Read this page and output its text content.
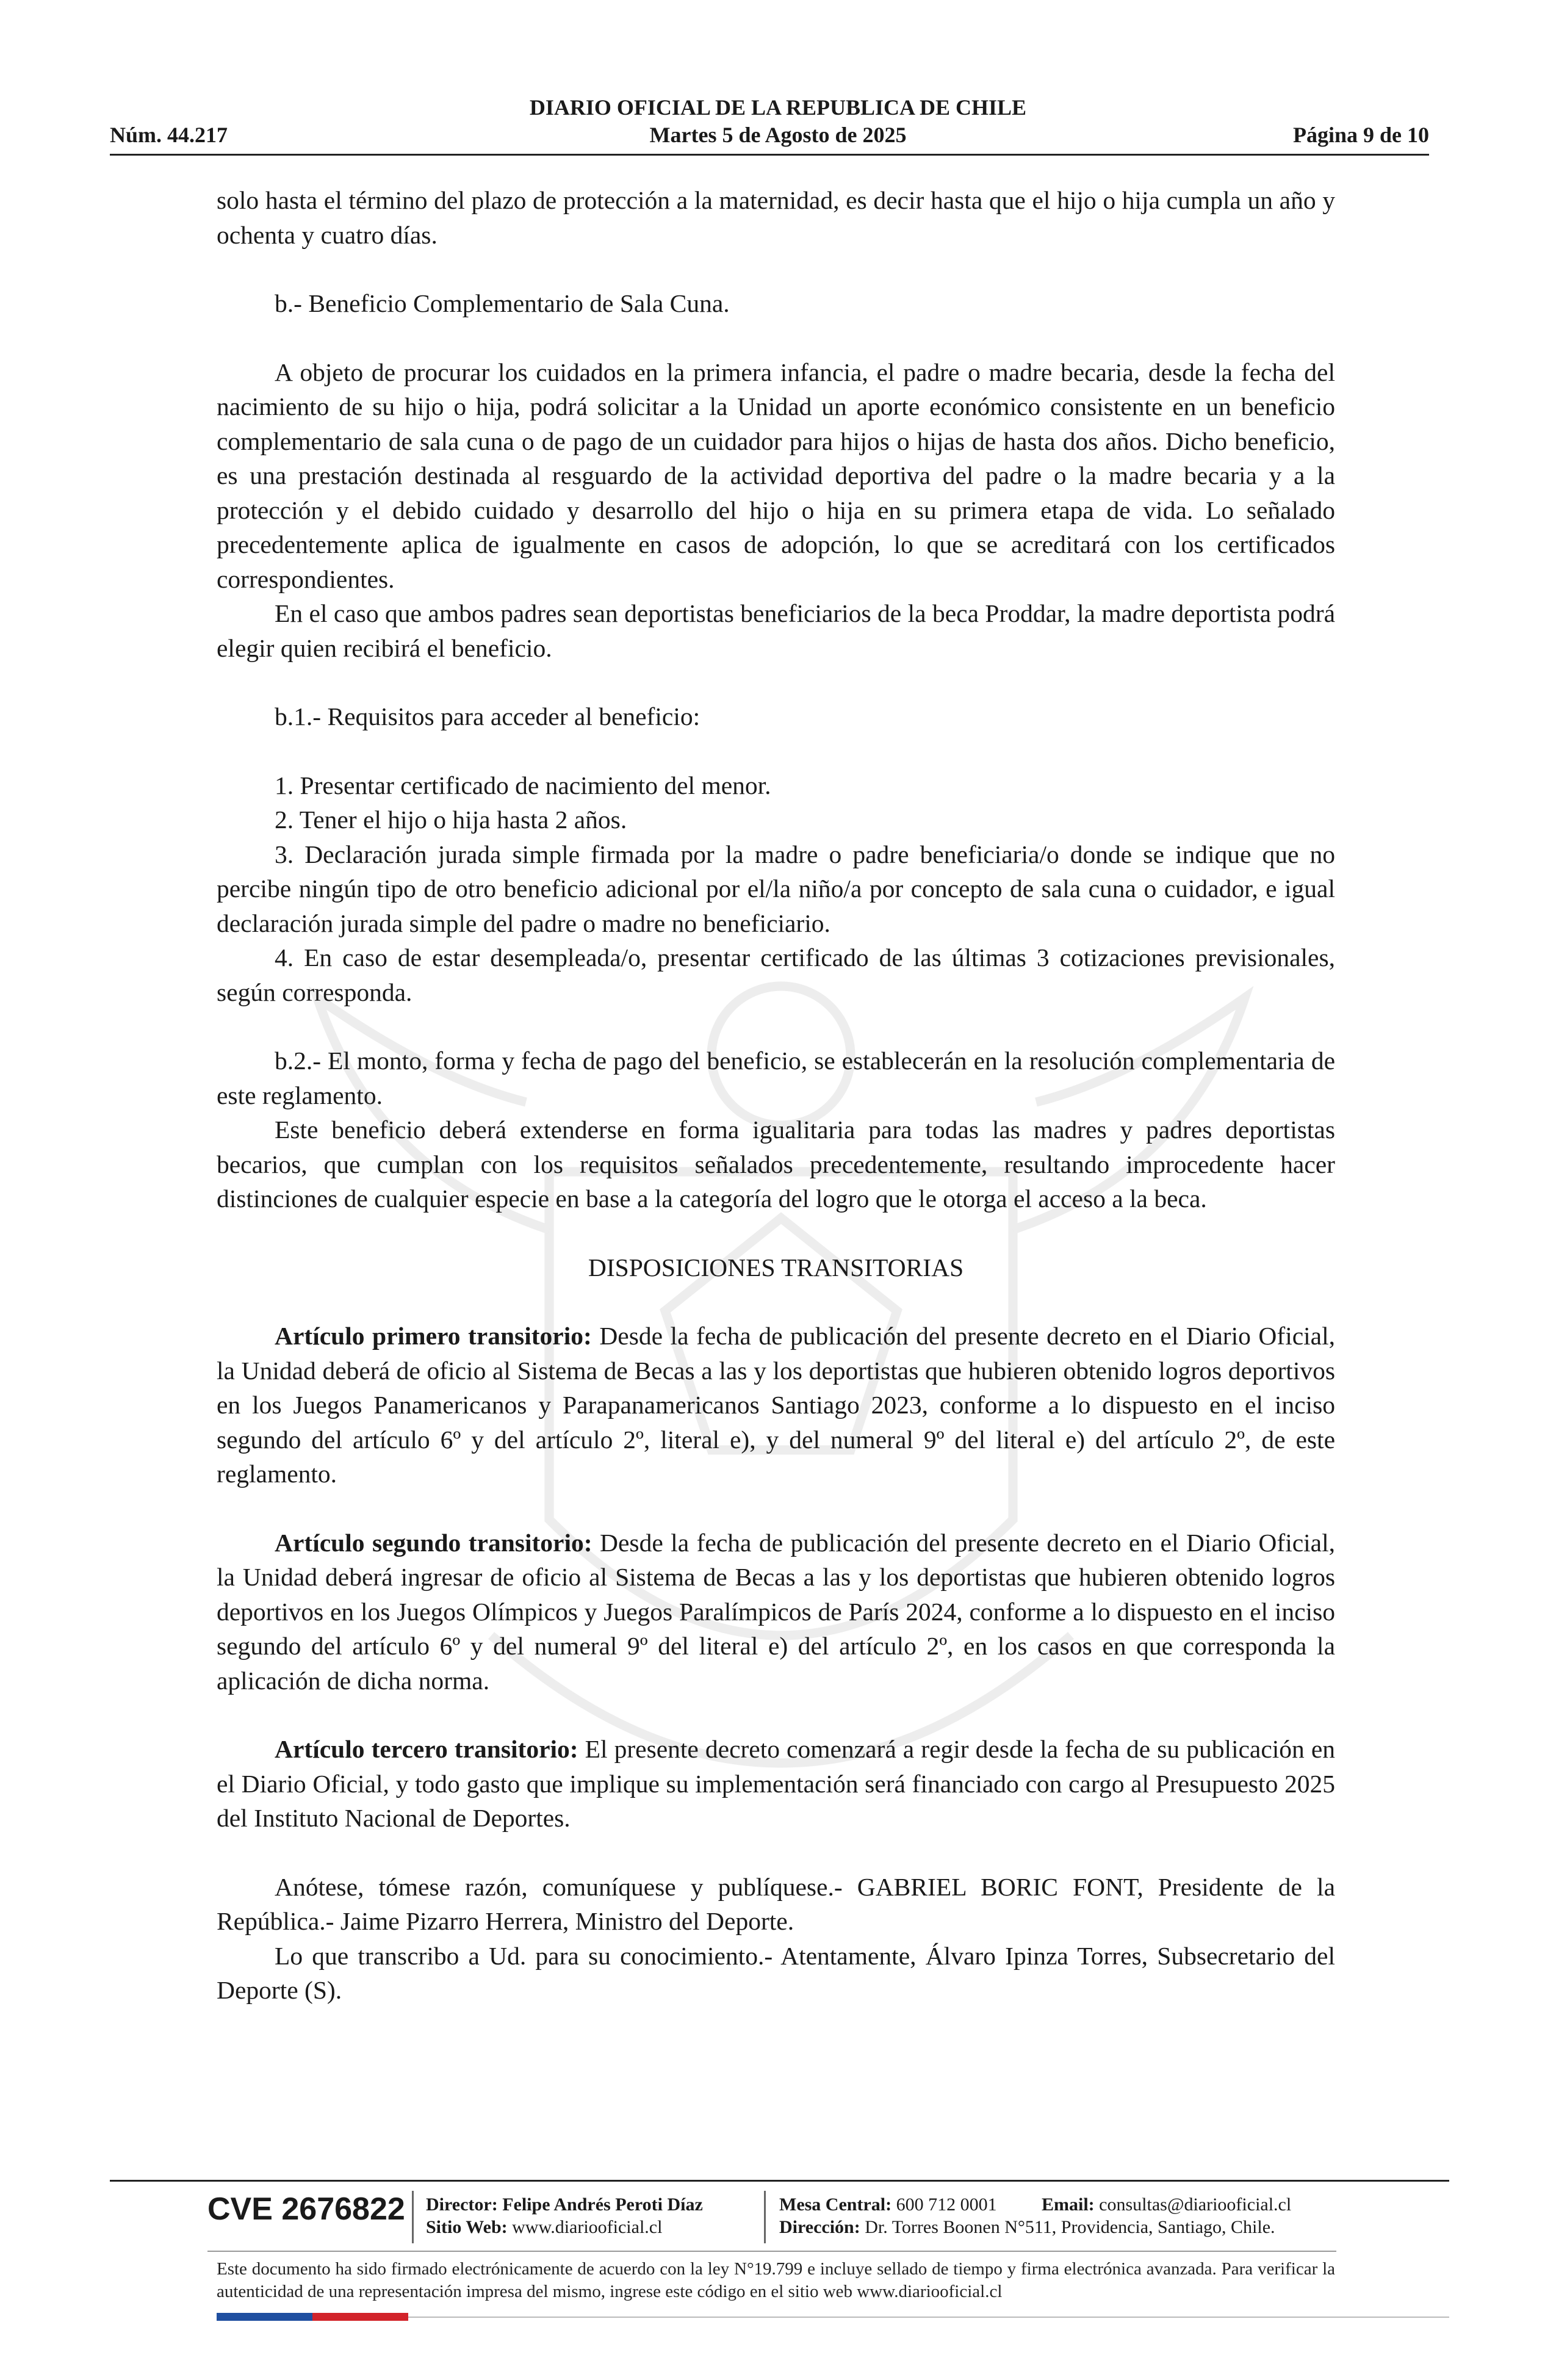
DIARIO OFICIAL DE LA REPUBLICA DE CHILE
Núm. 44.217	Martes 5 de Agosto de 2025	Página 9 de 10

solo hasta el término del plazo de protección a la maternidad, es decir hasta que el hijo o hija cumpla un año y ochenta y cuatro días.

b.- Beneficio Complementario de Sala Cuna.

A objeto de procurar los cuidados en la primera infancia, el padre o madre becaria, desde la fecha del nacimiento de su hijo o hija, podrá solicitar a la Unidad un aporte económico consistente en un beneficio complementario de sala cuna o de pago de un cuidador para hijos o hijas de hasta dos años. Dicho beneficio, es una prestación destinada al resguardo de la actividad deportiva del padre o la madre becaria y a la protección y el debido cuidado y desarrollo del hijo o hija en su primera etapa de vida. Lo señalado precedentemente aplica de igualmente en casos de adopción, lo que se acreditará con los certificados correspondientes.

En el caso que ambos padres sean deportistas beneficiarios de la beca Proddar, la madre deportista podrá elegir quien recibirá el beneficio.

b.1.- Requisitos para acceder al beneficio:

1. Presentar certificado de nacimiento del menor.

2. Tener el hijo o hija hasta 2 años.

3. Declaración jurada simple firmada por la madre o padre beneficiaria/o donde se indique que no percibe ningún tipo de otro beneficio adicional por el/la niño/a por concepto de sala cuna o cuidador, e igual declaración jurada simple del padre o madre no beneficiario.

4. En caso de estar desempleada/o, presentar certificado de las últimas 3 cotizaciones previsionales, según corresponda.

b.2.- El monto, forma y fecha de pago del beneficio, se establecerán en la resolución complementaria de este reglamento.

Este beneficio deberá extenderse en forma igualitaria para todas las madres y padres deportistas becarios, que cumplan con los requisitos señalados precedentemente, resultando improcedente hacer distinciones de cualquier especie en base a la categoría del logro que le otorga el acceso a la beca.

DISPOSICIONES TRANSITORIAS

Artículo primero transitorio: Desde la fecha de publicación del presente decreto en el Diario Oficial, la Unidad deberá de oficio al Sistema de Becas a las y los deportistas que hubieren obtenido logros deportivos en los Juegos Panamericanos y Parapanamericanos Santiago 2023, conforme a lo dispuesto en el inciso segundo del artículo 6º y del artículo 2º, literal e), y del numeral 9º del literal e) del artículo 2º, de este reglamento.

Artículo segundo transitorio: Desde la fecha de publicación del presente decreto en el Diario Oficial, la Unidad deberá ingresar de oficio al Sistema de Becas a las y los deportistas que hubieren obtenido logros deportivos en los Juegos Olímpicos y Juegos Paralímpicos de París 2024, conforme a lo dispuesto en el inciso segundo del artículo 6º y del numeral 9º del literal e) del artículo 2º, en los casos en que corresponda la aplicación de dicha norma.

Artículo tercero transitorio: El presente decreto comenzará a regir desde la fecha de su publicación en el Diario Oficial, y todo gasto que implique su implementación será financiado con cargo al Presupuesto 2025 del Instituto Nacional de Deportes.

Anótese, tómese razón, comuníquese y publíquese.- GABRIEL BORIC FONT, Presidente de la República.- Jaime Pizarro Herrera, Ministro del Deporte.

Lo que transcribo a Ud. para su conocimiento.- Atentamente, Álvaro Ipinza Torres, Subsecretario del Deporte (S).

CVE 2676822 Director: Felipe Andrés Peroti Díaz
Sitio Web: www.diariooficial.cl
Mesa Central: 600 712 0001
Dirección: Dr. Torres Boonen N°511, Providencia, Santiago, Chile.
Email: consultas@diariooficial.cl
Este documento ha sido firmado electrónicamente de acuerdo con la ley N°19.799 e incluye sellado de tiempo y firma electrónica avanzada. Para verificar la autenticidad de una representación impresa del mismo, ingrese este código en el sitio web www.diariooficial.cl
